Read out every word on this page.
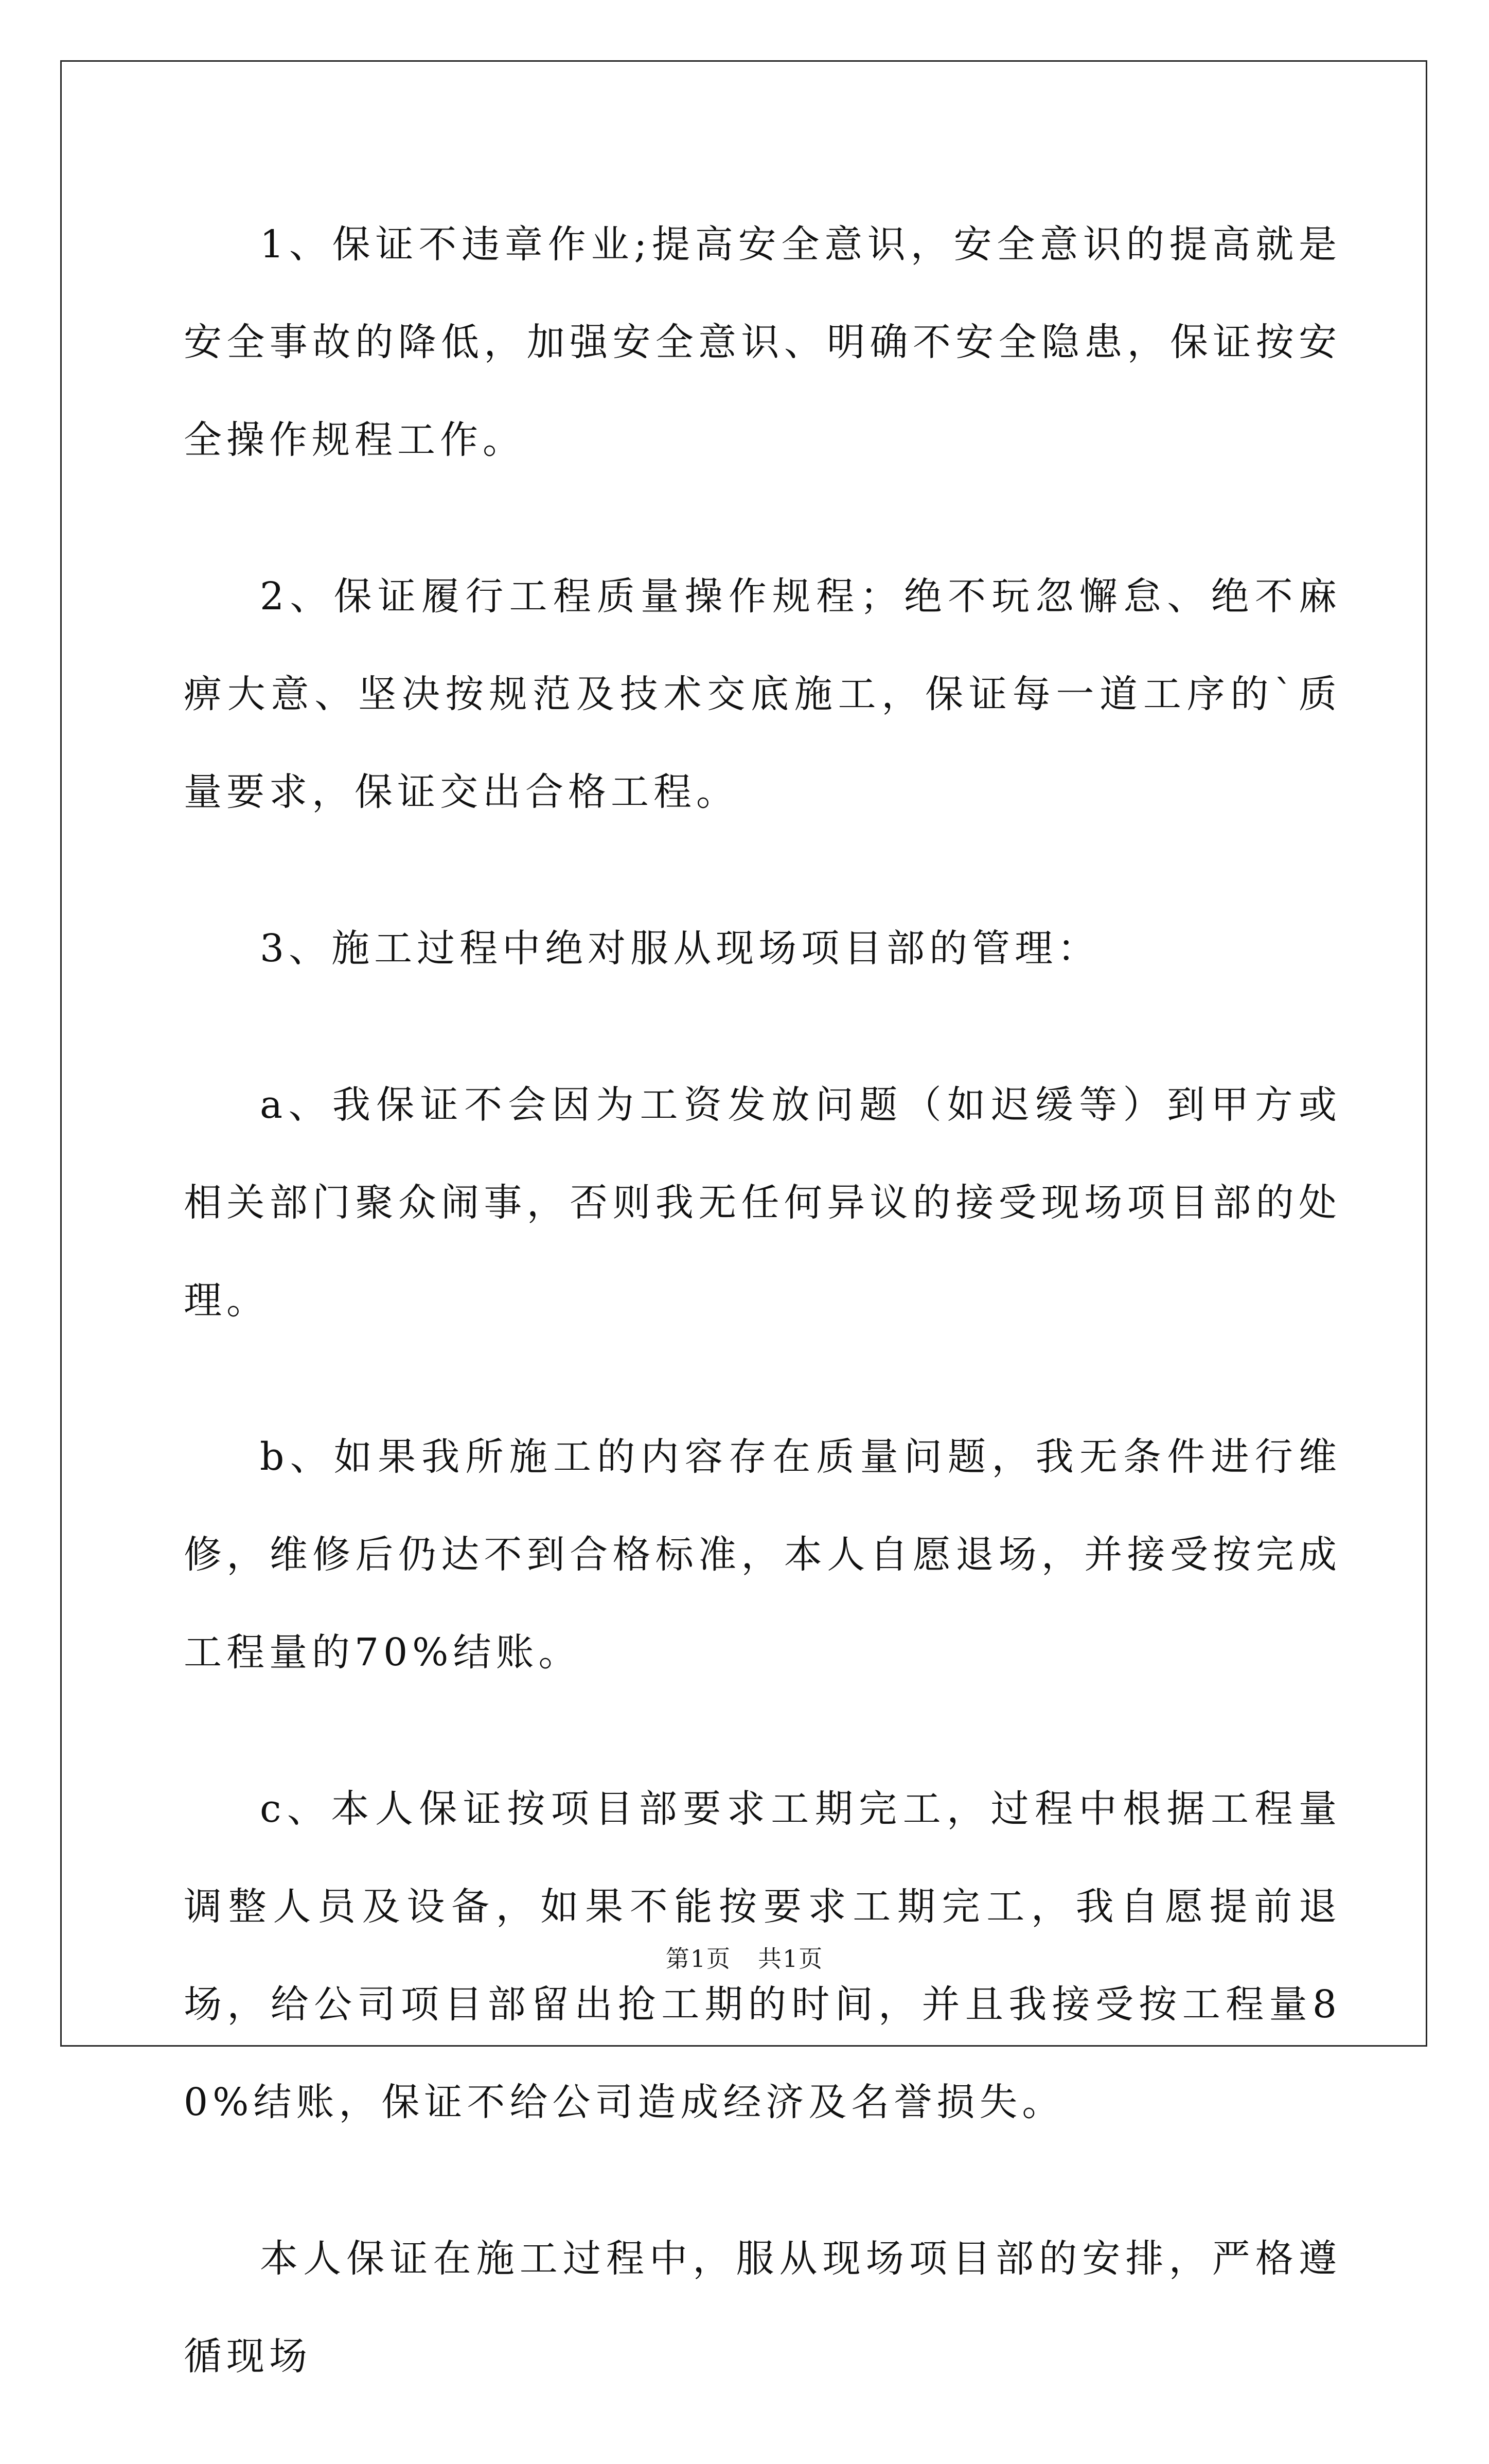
1、保证不违章作业;提高安全意识，安全意识的提高就是安全事故的降低，加强安全意识、明确不安全隐患，保证按安全操作规程工作。

2、保证履行工程质量操作规程；绝不玩忽懈怠、绝不麻痹大意、坚决按规范及技术交底施工，保证每一道工序的`质量要求，保证交出合格工程。

3、施工过程中绝对服从现场项目部的管理：

a、我保证不会因为工资发放问题（如迟缓等）到甲方或相关部门聚众闹事，否则我无任何异议的接受现场项目部的处理。

b、如果我所施工的内容存在质量问题，我无条件进行维修，维修后仍达不到合格标准，本人自愿退场，并接受按完成工程量的70%结账。

c、本人保证按项目部要求工期完工，过程中根据工程量调整人员及设备，如果不能按要求工期完工，我自愿提前退场，给公司项目部留出抢工期的时间，并且我接受按工程量80%结账，保证不给公司造成经济及名誉损失。

本人保证在施工过程中，服从现场项目部的安排，严格遵循现场

第1页 共1页
